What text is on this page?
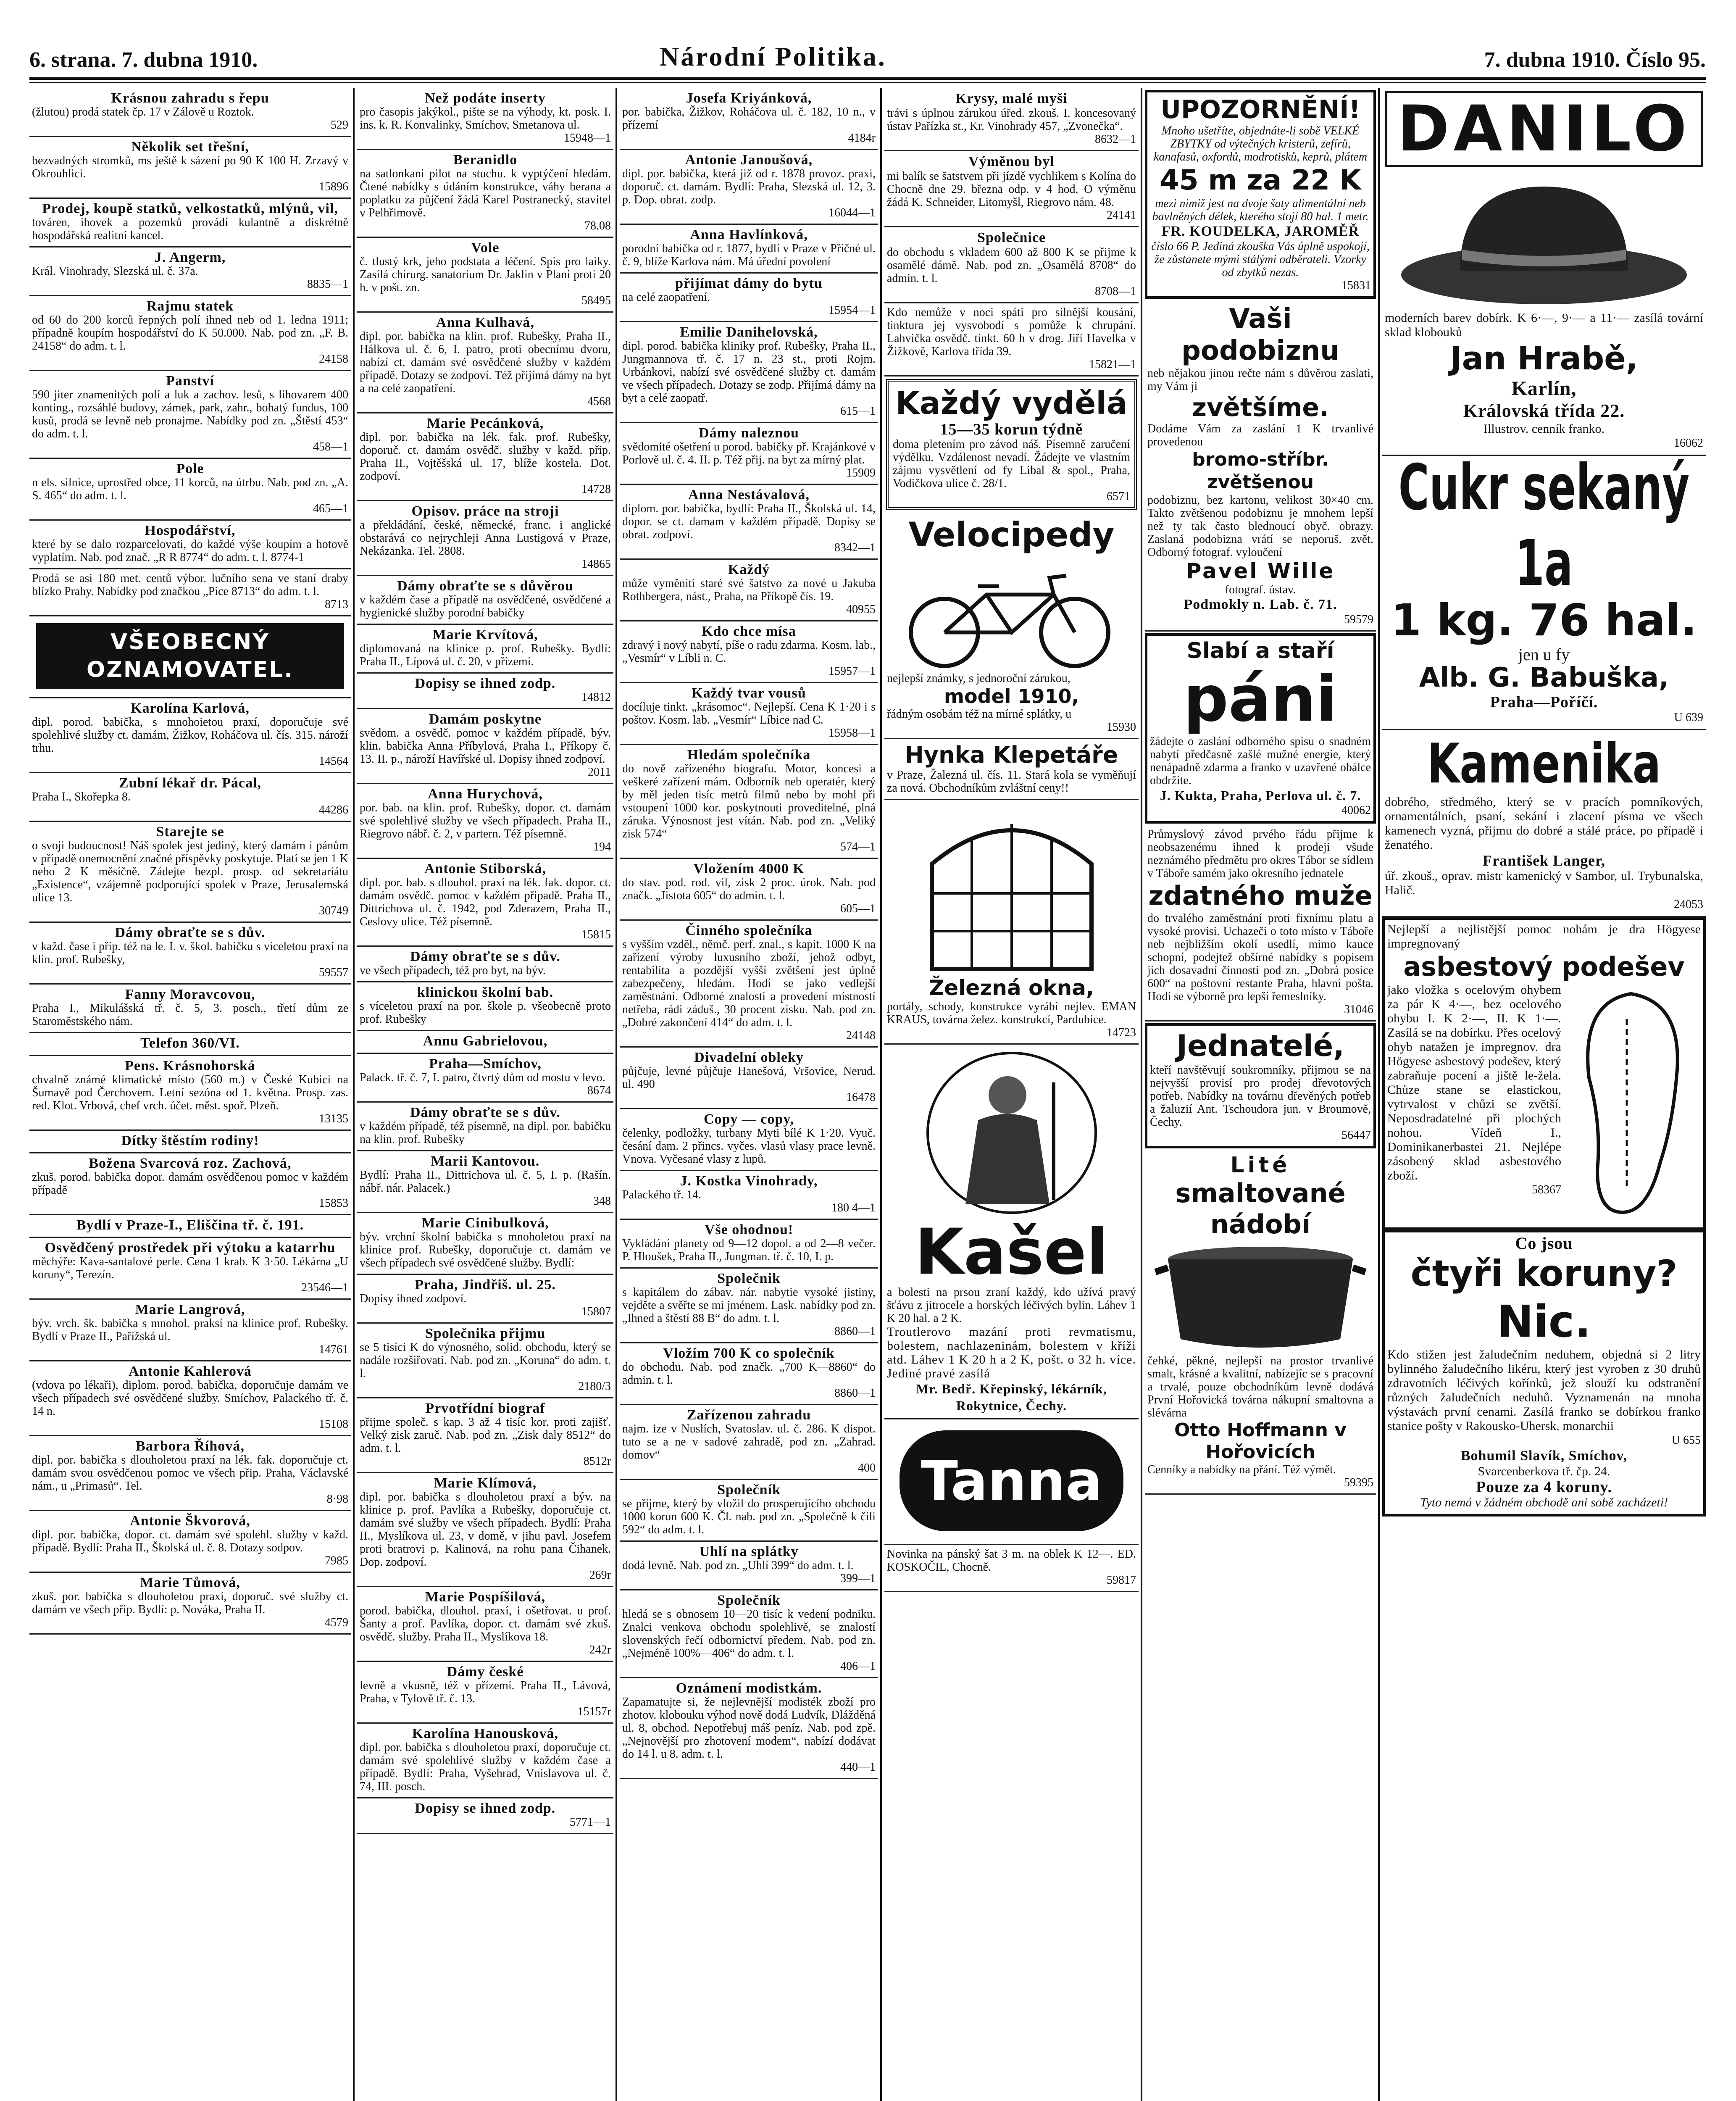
6. strana. 7. dubna 1910.	Národní Politika.	7. dubna 1910. Číslo 95.
Krásnou zahradu s řepu
(žlutou) prodá statek čp. 17 v Zálově u Roztok.
529
Několik set třešní,
bezvadných stromků, ms ještě k sázení po 90 K 100 H. Zrzavý v Okrouhlici.
15896
Prodej, koupě statků, velkostatků, mlýnů, vil,
továren, ihovek a pozemků provádí kulantně a diskrétně hospodářská realitní kancel.
J. Angerm,
Král. Vinohrady, Slezská ul. č. 37a.
8835—1
Rajmu statek
od 60 do 200 korců řepných polí ihned neb od 1. ledna 1911; případně koupím hospodářství do K 50.000. Nab. pod zn. „F. B. 24158“ do adm. t. l.
24158
Panství
590 jiter znamenitých polí a luk a zachov. lesů, s lihovarem 400 konting., rozsáhlé budovy, zámek, park, zahr., bohatý fundus, 100 kusů, prodá se levně neb pronajme. Nabídky pod zn. „Štěstí 453“ do adm. t. l.
458—1
Pole
n els. silnice, uprostřed obce, 11 korců, na útrbu. Nab. pod zn. „A. S. 465“ do adm. t. l.
465—1
Hospodářství,
které by se dalo rozparcelovati, do každé výše koupím a hotově vyplatím. Nab. pod znač. „R R 8774“ do adm. t. l. 8774-1
Prodá se asi 180 met. centů výbor. lučního sena ve staní draby blízko Prahy. Nabídky pod značkou „Pice 8713“ do adm. t. l.
8713
VŠEOBECNÝ OZNAMOVATEL.
Karolína Karlová,
dipl. porod. babička, s mnohoietou praxí, doporučuje své spolehlivé služby ct. damám, Žižkov, Roháčova ul. čís. 315. nároží trhu.
14564
Zubní lékař dr. Pácal,
Praha I., Skořepka 8.
44286
Starejte se
o svoji budoucnost! Náš spolek jest jediný, který damám i pánům v případě onemocnění značné příspěvky poskytuje. Platí se jen 1 K nebo 2 K měsíčně. Zádejte bezpl. prosp. od sekretariátu „Existence“, vzájemně podporující spolek v Praze, Jerusalemská ulice 13.
30749
Dámy obraťte se s dův.
v každ. čase i přip. též na le. I. v. škol. babičku s víceletou praxí na klin. prof. Rubešky,
59557
Fanny Moravcovou,
Praha I., Mikulášská tř. č. 5, 3. posch., třetí dům ze Staroměstského nám.
Telefon 360/VI.
Pens. Krásnohorská
chvalně známé klimatické místo (560 m.) v České Kubici na Šumavě pod Čerchovem. Letní sezóna od 1. května. Prosp. zas. red. Klot. Vrbová, chef vrch. účet. měst. spoř. Plzeň.
13135
Dítky štěstím rodiny!
Božena Svarcová roz. Zachová,
zkuš. porod. babička dopor. damám osvědčenou pomoc v každém případě
15853
Bydlí v Praze-I., Eliščina tř. č. 191.
Osvědčený prostředek při výtoku a katarrhu
měchýře: Kava-santalové perle. Cena 1 krab. K 3·50. Lékárna „U koruny“, Terezín.
23546—1
Marie Langrová,
býv. vrch. šk. babička s mnohol. praksí na klinice prof. Rubešky. Bydlí v Praze II., Pařížská ul.
14761
Antonie Kahlerová
(vdova po lékaři), diplom. porod. babička, doporučuje damám ve všech případech své osvědčené služby. Smíchov, Palackého tř. č. 14 n.
15108
Barbora Říhová,
dipl. por. babička s dlouholetou praxí na lék. fak. doporučuje ct. damám svou osvědčenou pomoc ve všech přip. Praha, Václavské nám., u „Primasů“. Tel.
8·98
Antonie Škvorová,
dipl. por. babička, dopor. ct. damám své spolehl. služby v každ. případě. Bydlí: Praha II., Školská ul. č. 8. Dotazy sodpov.
7985
Marie Tůmová,
zkuš. por. babička s dlouholetou praxí, doporuč. své služby ct. damám ve všech přip. Bydlí: p. Nováka, Praha II.
4579
Než podáte inserty
pro časopis jakýkol., pište se na výhody, kt. posk. I. ins. k. R. Konvalinky, Smíchov, Smetanova ul.
15948—1
Beranidlo
na satlonkani pilot na stuchu. k vyptýčení hledám. Čtené nabídky s údáním konstrukce, váhy berana a poplatku za půjčení žádá Karel Postranecký, stavitel v Pelhřimově.
78.08
Vole
č. tlustý krk, jeho podstata a léčení. Spis pro laiky. Zasílá chirurg. sanatorium Dr. Jaklin v Plani proti 20 h. v pošt. zn.
58495
Anna Kulhavá,
dipl. por. babička na klin. prof. Rubešky, Praha II., Hálkova ul. č. 6, I. patro, proti obecnímu dvoru, nabízí ct. damám své osvědčené služby v každém případě. Dotazy se zodpoví. Též přijímá dámy na byt a na celé zaopatření.
4568
Marie Pecánková,
dipl. por. babička na lék. fak. prof. Rubešky, doporuč. ct. damám osvědč. služby v každ. přip. Praha II., Vojtěšská ul. 17, blíže kostela. Dot. zodpoví.
14728
Opisov. práce na stroji
a překládání, české, německé, franc. i anglické obstarává co nejrychleji Anna Lustigová v Praze, Nekázanka. Tel. 2808.
14865
Dámy obraťte se s důvěrou
v každém čase a případě na osvědčené, osvědčené a hygienické služby porodní babičky
Marie Krvítová,
diplomovaná na klinice p. prof. Rubešky. Bydlí: Praha II., Lípová ul. č. 20, v přízemí.
Dopisy se ihned zodp.
14812
Damám poskytne
svědom. a osvědč. pomoc v každém případě, býv. klin. babička Anna Příbylová, Praha I., Příkopy č. 13. II. p., nároží Havířské ul. Dopisy ihned zodpoví.
2011
Anna Hurychová,
por. bab. na klin. prof. Rubešky, dopor. ct. damám své spolehlivé služby ve všech případech. Praha II., Riegrovo nábř. č. 2, v partern. Též písemně.
194
Antonie Stiborská,
dipl. por. bab. s dlouhol. praxí na lék. fak. dopor. ct. damám osvědč. pomoc v každém připadě. Praha II., Dittrichova ul. č. 1942, pod Zderazem, Praha II., Ceslovy ulice. Též písemně.
15815
Dámy obraťte se s dův.
ve všech případech, též pro byt, na býv.
klinickou školní bab.
s víceletou praxí na por. škole p. všeobecně proto prof. Rubešky
Annu Gabrielovou,
Praha—Smíchov,
Palack. tř. č. 7, I. patro, čtvrtý dům od mostu v levo.
8674
Dámy obraťte se s dův.
v každém případě, též písemně, na dipl. por. babičku na klin. prof. Rubešky
Marii Kantovou.
Bydlí: Praha II., Dittrichova ul. č. 5, I. p. (Rašín. nábř. nár. Palacek.)
348
Marie Cinibulková,
býv. vrchní školní babička s mnoholetou praxí na klinice prof. Rubešky, doporučuje ct. damám ve všech případech své osvědčené služby. Bydlí:
Praha, Jindřiš. ul. 25.
Dopisy ihned zodpoví.
15807
Společnika přijmu
se 5 tisíci K do výnosného, solid. obchodu, který se nadále rozšiřovati. Nab. pod zn. „Koruna“ do adm. t. l.
2180/3
Prvotřídní biograf
přijme společ. s kap. 3 až 4 tisíc kor. proti zajišť. Velký zisk zaruč. Nab. pod zn. „Zisk daly 8512“ do adm. t. l.
8512r
Marie Klímová,
dipl. por. babička s dlouholetou praxí a býv. na klinice p. prof. Pavlíka a Rubešky, doporučuje ct. damám své služby ve všech případech. Bydlí: Praha II., Myslíkova ul. 23, v domě, v jihu pavl. Josefem proti bratrovi p. Kalinová, na rohu pana Čihanek. Dop. zodpoví.
269r
Marie Pospíšilová,
porod. babička, dlouhol. praxí, i ošetřovat. u prof. Šanty a prof. Pavlíka, dopor. ct. damám své zkuš. osvědč. služby. Praha II., Myslíkova 18.
242r
Dámy české
levně a vkusně, též v přízemí. Praha II., Lávová, Praha, v Tylově tř. č. 13.
15157r
Karolína Hanousková,
dipl. por. babička s dlouholetou praxí, doporučuje ct. damám své spolehlivé služby v každém čase a případě. Bydlí: Praha, Vyšehrad, Vnislavova ul. č. 74, III. posch.
Dopisy se ihned zodp.
5771—1
Josefa Kriyánková,
por. babička, Žižkov, Roháčova ul. č. 182, 10 n., v přízemí
4184r
Antonie Janoušová,
dipl. por. babička, která již od r. 1878 provoz. praxi, doporuč. ct. damám. Bydlí: Praha, Slezská ul. 12, 3. p. Dop. obrat. zodp.
16044—1
Anna Havlínková,
porodní babička od r. 1877, bydlí v Praze v Příčné ul. č. 9, blíže Karlova nám. Má úřední povolení
přijímat dámy do bytu
na celé zaopatření.
15954—1
Emilie Danihelovská,
dipl. porod. babička kliniky prof. Rubešky, Praha II., Jungmannova tř. č. 17 n. 23 st., proti Rojm. Urbánkovi, nabízí své osvědčené služby ct. damám ve všech případech. Dotazy se zodp. Přijímá dámy na byt a celé zaopatř.
615—1
Dámy naleznou
svědomité ošetření u porod. babičky př. Krajánkové v Porlově ul. č. 4. II. p. Též přij. na byt za mírný plat.
15909
Anna Nestávalová,
diplom. por. babička, bydlí: Praha II., Školská ul. 14, dopor. se ct. damam v každém případě. Dopisy se obrat. zodpoví.
8342—1
Každý
může vyměniti staré své šatstvo za nové u Jakuba Rothbergera, nást., Praha, na Příkopě čís. 19.
40955
Kdo chce mísa
zdravý i nový nabytí, píše o radu zdarma. Kosm. lab., „Vesmír“ v Líbli n. C.
15957—1
Každý tvar vousů
docíluje tinkt. „krásomoc“. Nejlepší. Cena K 1·20 i s poštov. Kosm. lab. „Vesmír“ Líbice nad C.
15958—1
Hledám společníka
do nově zařízeného biografu. Motor, koncesi a veškeré zařízení mám. Odborník neb operatér, který by měl jeden tisíc metrů filmů nebo by mohl při vstoupení 1000 kor. poskytnouti proveditelné, plná záruka. Výnosnost jest vítán. Nab. pod zn. „Veliký zisk 574“
574—1
Vložením 4000 K
do stav. pod. rod. vil, zisk 2 proc. úrok. Nab. pod značk. „Jistota 605“ do admin. t. l.
605—1
Činného společníka
s vyšším vzděl., němč. perf. znal., s kapit. 1000 K na zařízení výroby luxusního zboží, jehož odbyt, rentabilita a pozdější vyšší zvětšení jest úplně zabezpečeny, hledám. Hodí se jako vedlejší zaměstnání. Odborné znalosti a provedení místností netřeba, rádi záduš., 30 procent zisku. Nab. pod zn. „Dobré zakončení 414“ do adm. t. l.
24148
Divadelní obleky
půjčuje, levné půjčuje Hanešová, Vršovice, Nerud. ul. 490
16478
Copy — copy,
čelenky, podložky, turbany Myti bílé K 1·20. Vyuč. česání dam. 2 přincs. vyčes. vlasů vlasy prace levně. Vnova. Vyčesané vlasy z lupů.
J. Kostka Vinohrady,
Palackého tř. 14.
180 4—1
Vše ohodnou!
Vykládání planety od 9—12 dopol. a od 2—8 večer. P. Hloušek, Praha II., Jungman. tř. č. 10, I. p.
Společnik
s kapitálem do zábav. nár. nabytie vysoké jistiny, vejděte a svěřte se mi jménem. Lask. nabídky pod zn. „Ihned a štěstí 88 B“ do adm. t. l.
8860—1
Vložím 700 K co společník
do obchodu. Nab. pod značk. „700 K—8860“ do admin. t. l.
8860—1
Zařízenou zahradu
najm. ize v Nuslích, Svatoslav. ul. č. 286. K dispot. tuto se a ne v sadové zahradě, pod zn. „Zahrad. domov“
400
Společník
se přijme, který by vložil do prosperujícího obchodu 1000 korun 600 K. Čl. nab. pod zn. „Společně k čili 592“ do adm. t. l.
Uhlí na splátky
dodá levně. Nab. pod zn. „Uhlí 399“ do adm. t. l.
399—1
Společník
hledá se s obnosem 10—20 tisíc k vedení podniku. Znalci venkova obchodu spolehlivě, se znalostí slovenských řečí odbornictví předem. Nab. pod zn. „Nejméně 100%—406“ do adm. t. l.
406—1
Oznámení modistkám.
Zapamatujte si, že nejlevnější modisték zboží pro zhotov. klobouku výhod nově dodá Ludvík, Dlážděná ul. 8, obchod. Nepotřebuj máš peníz. Nab. pod zpě. „Nejnovější pro zhotovení modem“, nabízí dodávat do 14 l. u 8. adm. t. l.
440—1
Krysy, malé myši
trávi s úplnou zárukou úřed. zkouš. I. koncesovaný ústav Pařízka st., Kr. Vinohrady 457, „Zvonečka“.
8632—1
Výměnou byl
mi balík se šatstvem při jízdě vychlikem s Kolína do Chocně dne 29. března odp. v 4 hod. O výměnu žádá K. Schneider, Litomyšl, Riegrovo nám. 48.
24141
Společnice
do obchodu s vkladem 600 až 800 K se přijme k osamělé dámě. Nab. pod zn. „Osamělá 8708“ do admin. t. l.
8708—1
Kdo nemůže v noci spáti pro silnější kousání, tinktura jej vysvobodí s pomůže k chrupání. Lahvička osvědč. tinkt. 60 h v drog. Jiří Havelka v Žižkově, Karlova třída 39.
15821—1
Každý vydělá
15—35 korun týdně
doma pletením pro závod náš. Písemně zaručení výdělku. Vzdálenost nevadí. Žádejte ve vlastním zájmu vysvětlení od fy Libal & spol., Praha, Vodičkova ulice č. 28/1.
6571
Velocipedy
nejlepší známky, s jednoroční zárukou,
model 1910,
řádným osobám též na mírné splátky, u
15930
Hynka Klepetáře
v Praze, Žalezná ul. čís. 11. Stará kola se vyměňují za nová. Obchodníkům zvláštní ceny!!
Železná okna,
portály, schody, konstrukce vyrábí nejlev. EMAN KRAUS, továrna želez. konstrukcí, Pardubice.
14723
Kašel
a bolesti na prsou zraní každý, kdo užívá pravý šťávu z jitrocele a horských léčivých bylin. Láhev 1 K 20 hal. a 2 K.
Troutlerovo mazání proti revmatismu, bolestem, nachlazeninám, bolestem v kříži atd. Láhev 1 K 20 h a 2 K, pošt. o 32 h. více. Jediné pravé zasílá
Mr. Bedř. Křepinský, lékárník, Rokytnice, Čechy.
Tanna
Novinka na pánský šat 3 m. na oblek K 12—. ED. KOSKOČIL, Chocně.
59817
UPOZORNĚNÍ!
Mnoho ušetříte, objednáte-li sobě VELKÉ ZBYTKY od výtečných kristerů, zefírů, kanafasů, oxfordů, modrotisků, keprů, plátem
45 m za 22 K
mezi nimiž jest na dvoje šaty alimentální neb bavlněných délek, kterého stojí 80 hal. 1 metr.
FR. KOUDELKA, JAROMĚŘ
číslo 66 P. Jediná zkouška Vás úplně uspokojí, že zůstanete mými stálými odběrateli. Vzorky od zbytků nezas.
15831
Vaši podobiznu
neb nějakou jinou rečte nám s důvěrou zaslati, my Vám ji
zvětšíme.
Dodáme Vám za zaslání 1 K trvanlivé provedenou
bromo-stříbr. zvětšenou
podobiznu, bez kartonu, velikost 30×40 cm. Takto zvětšenou podobiznu je mnohem lepší než ty tak často blednoucí obyč. obrazy. Zaslaná podobizna vrátí se neporuš. zvět. Odborný fotograf. vyloučení
Pavel Wille
fotograf. ústav.
Podmokly n. Lab. č. 71.
59579
Slabí a staří
páni
žádejte o zaslání odborného spisu o snadném nabytí předčasně zašlé mužné energie, který nenápadně zdarma a franko v uzavřené obálce obdržíte.
J. Kukta, Praha, Perlova ul. č. 7.
40062
Průmyslový závod prvého řádu přijme k neobsazenému ihned k prodeji všude neznámého předmětu pro okres Tábor se sídlem v Táboře samém jako okresního jednatele
zdatného muže
do trvalého zaměstnání proti fixnímu platu a vysoké provisi. Uchazeči o toto místo v Táboře neb nejbližším okolí usedlí, mimo kauce schopní, podejtež obšírné nabídky s popisem jich dosavadní činnosti pod zn. „Dobrá posice 600“ na poštovní restante Praha, hlavní pošta. Hodí se výborně pro lepší řemeslníky.
31046
Jednatelé,
kteří navštěvují soukromníky, přijmou se na nejvyšší provisí pro prodej dřevotových potřeb. Nabídky na továrnu dřevěných potřeb a žaluzií Ant. Tschoudora jun. v Broumově, Čechy.
56447
Lité
smaltované nádobí
čehké, pěkné, nejlepší na prostor trvanlivé smalt, krásné a kvalitní, nabízejíc se s pracovní a trvalé, pouze obchodníkům levně dodává První Hořovická továrna nákupní smaltovna a slévárna
Otto Hoffmann v Hořovicích
Cenníky a nabídky na přání. Též výmět.
59395
DANILO
moderních barev dobírk. K 6·—, 9·— a 11·— zasílá tovární sklad klobouků
Jan Hrabě,
Karlín,
Královská třída 22.
Illustrov. cenník franko.
16062
Cukr sekaný 1a
1 kg. 76 hal.
jen u fy
Alb. G. Babuška,
Praha—Poříčí.
U 639
Kamenika
dobrého, středmého, který se v pracích pomníkových, ornamentálních, psaní, sekání i zlacení písma ve všech kamenech vyzná, přijmu do dobré a stálé práce, po případě i ženatého.
František Langer,
úř. zkouš., oprav. mistr kamenický v Sambor, ul. Trybunalska, Halič.
24053
Nejlepší a nejlistější pomoc nohám je dra Högyese impregnovaný
asbestový podešev
jako vložka s ocelovým ohybem za pár K 4·—, bez ocelového ohybu I. K 2·—, II. K 1·—. Zasílá se na dobírku. Přes ocelový ohyb natažen je impregnov. dra Högyese asbestový podešev, který zabraňuje pocení a jiště le-žela. Chůze stane se elastickou, vytrvalost v chůzi se zvětší. Neposdradatelné při plochých nohou. Vídeň I., Dominikanerbastei 21. Nejlépe zásobený sklad asbestového zboží.
58367
Co jsou
čtyři koruny?
Nic.
Kdo stižen jest žaludečním neduhem, objedná si 2 litry bylinného žaludečního likéru, který jest vyroben z 30 druhů zdravotních léčivých kořínků, jež slouží ku odstranění různých žaludečních neduhů. Vyznamenán na mnoha výstavách první cenami. Zasílá franko se dobírkou franko stanice pošty v Rakousko-Uhersk. monarchii
U 655
Bohumil Slavík, Smíchov,
Svarcenberkova tř. čp. 24.
Pouze za 4 koruny.
Tyto nemá v žádném obchodě ani sobě zacházeti!
